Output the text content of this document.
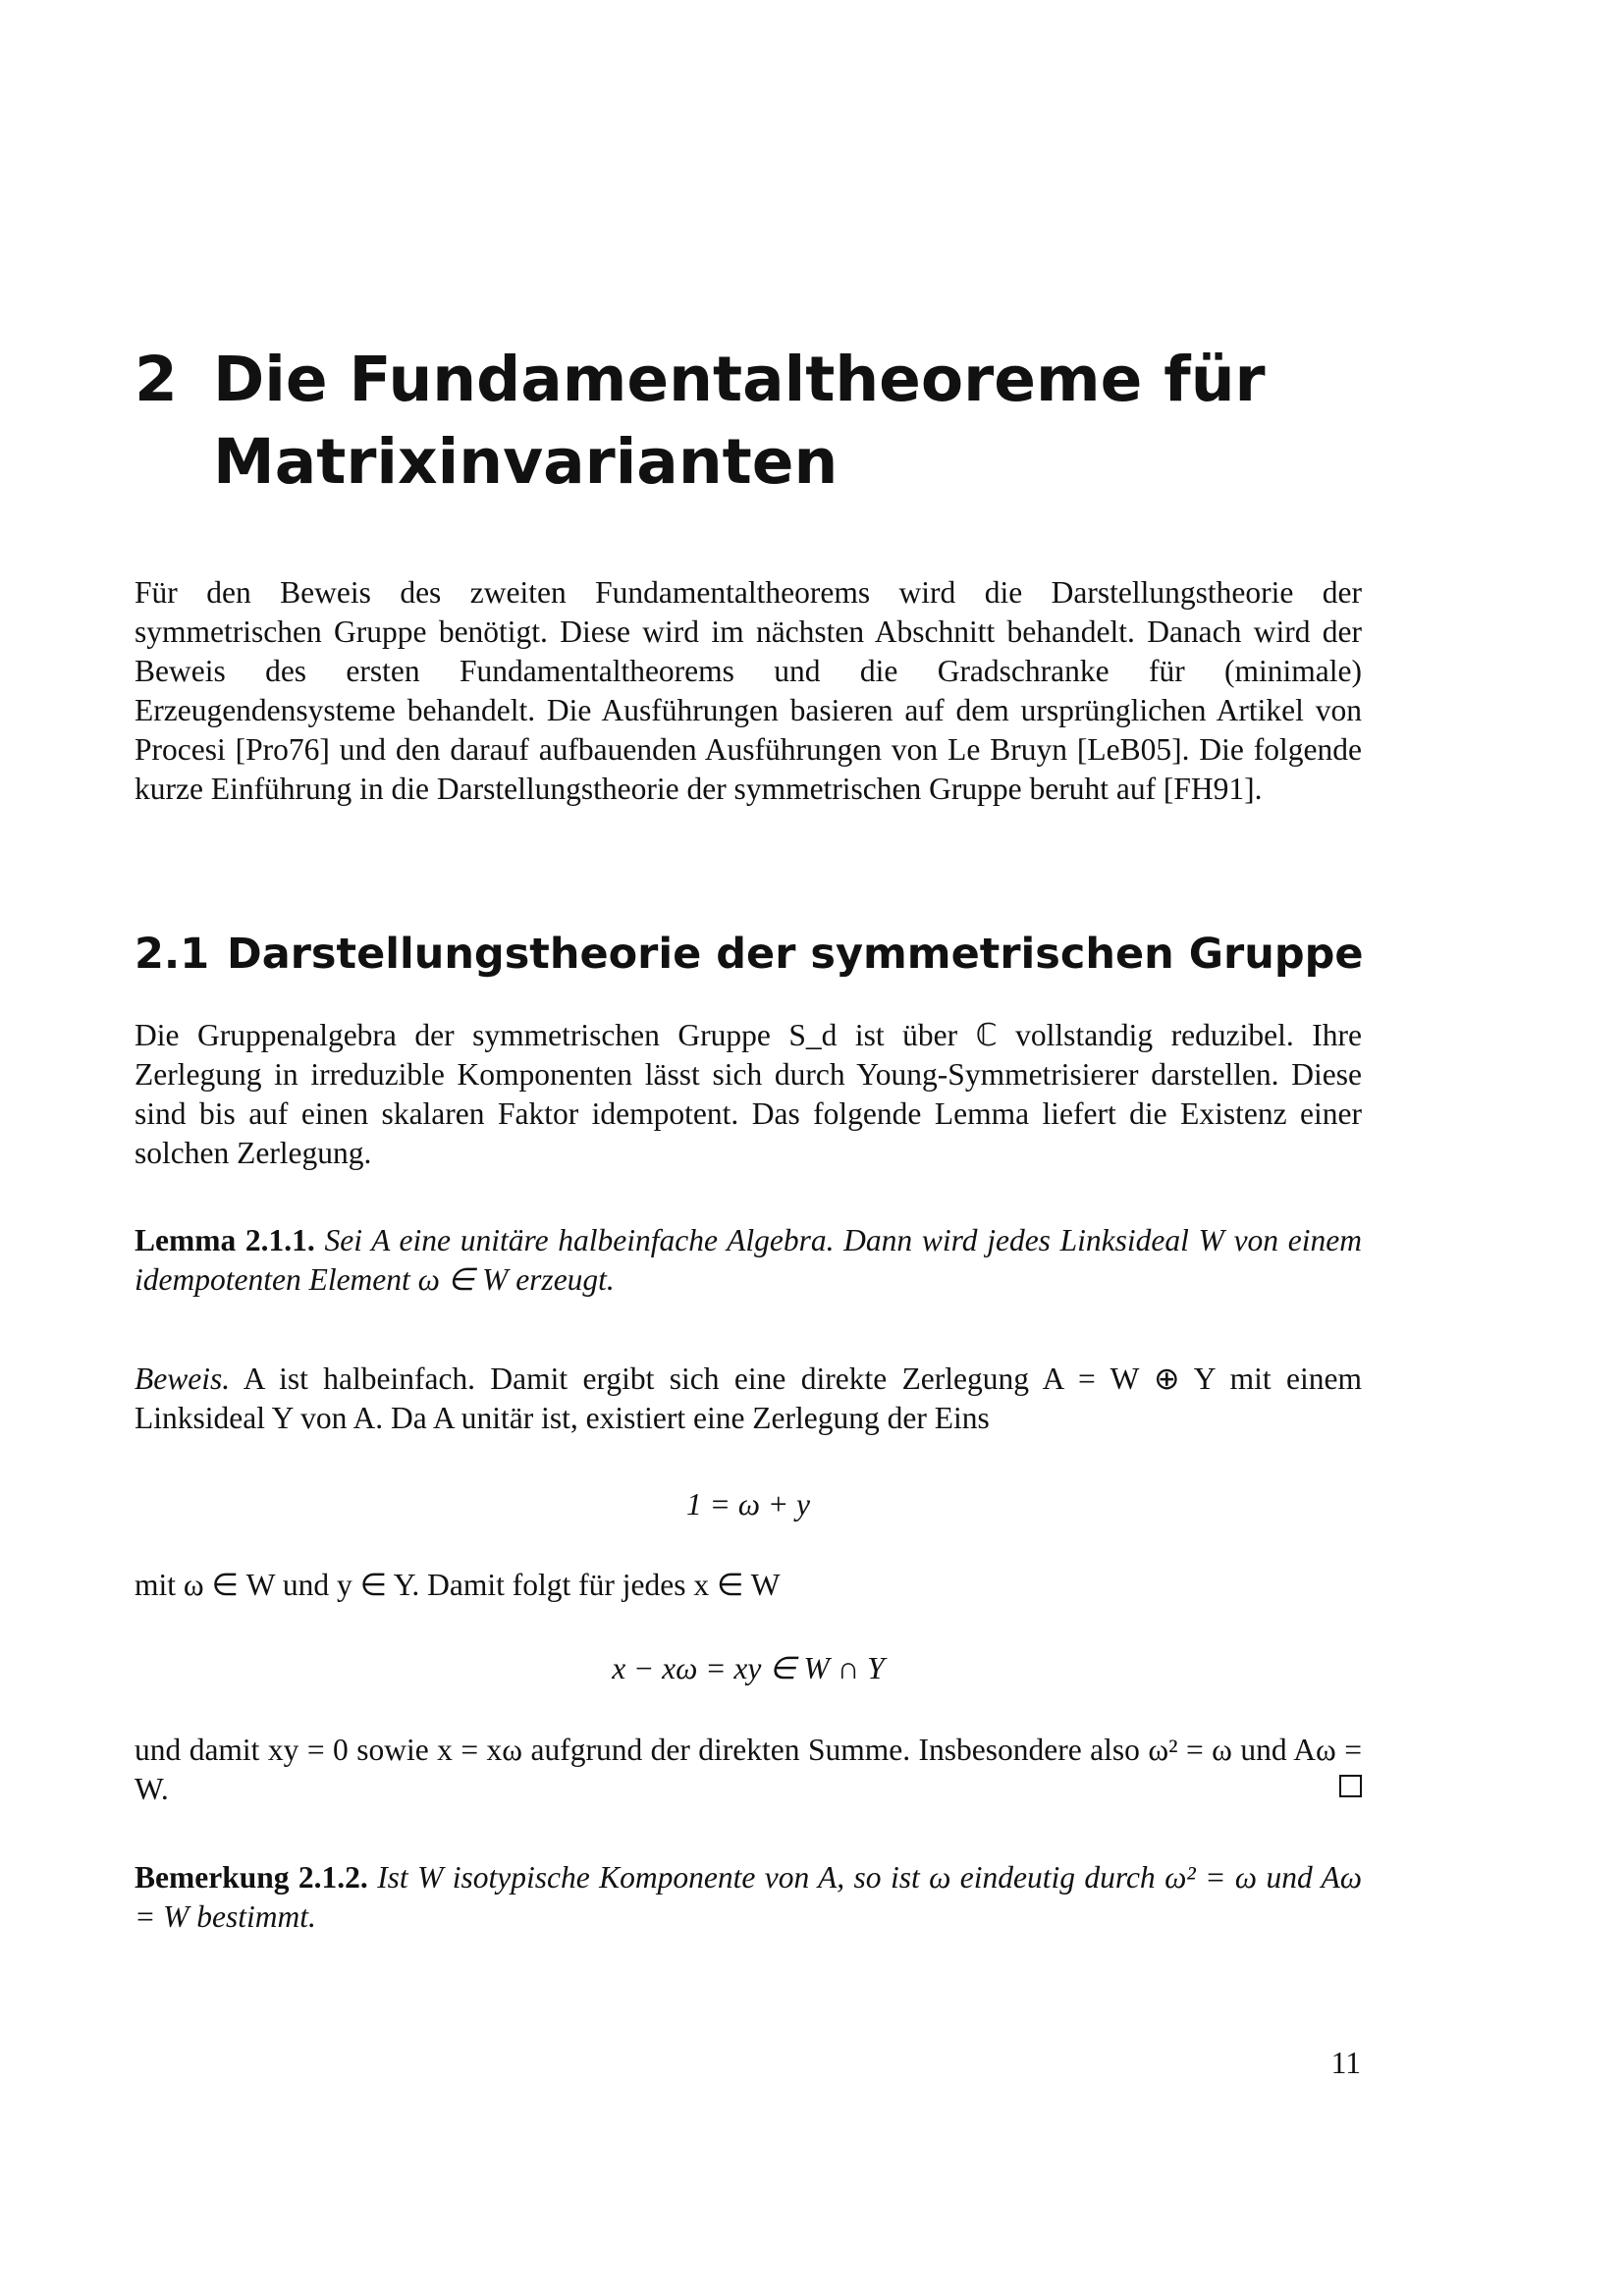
2 Die Fundamentaltheoreme für Matrixinvarianten

Für den Beweis des zweiten Fundamentaltheorems wird die Darstellungstheorie der symmetrischen Gruppe benötigt. Diese wird im nächsten Abschnitt behandelt. Danach wird der Beweis des ersten Fundamentaltheorems und die Gradschranke für (minimale) Erzeugendensysteme behandelt. Die Ausführungen basieren auf dem ursprünglichen Artikel von Procesi [Pro76] und den darauf aufbauenden Ausführungen von Le Bruyn [LeB05]. Die folgende kurze Einführung in die Darstellungstheorie der symmetrischen Gruppe beruht auf [FH91].

2.1 Darstellungstheorie der symmetrischen Gruppe

Die Gruppenalgebra der symmetrischen Gruppe S_d ist über ℂ vollstandig reduzibel. Ihre Zerlegung in irreduzible Komponenten lässt sich durch Young-Symmetrisierer darstellen. Diese sind bis auf einen skalaren Faktor idempotent. Das folgende Lemma liefert die Existenz einer solchen Zerlegung.

Lemma 2.1.1. Sei A eine unitäre halbeinfache Algebra. Dann wird jedes Linksideal W von einem idempotenten Element ω ∈ W erzeugt.

Beweis. A ist halbeinfach. Damit ergibt sich eine direkte Zerlegung A = W ⊕ Y mit einem Linksideal Y von A. Da A unitär ist, existiert eine Zerlegung der Eins

1 = ω + y

mit ω ∈ W und y ∈ Y. Damit folgt für jedes x ∈ W

x − xω = xy ∈ W ∩ Y

und damit xy = 0 sowie x = xω aufgrund der direkten Summe. Insbesondere also ω² = ω und Aω = W.

Bemerkung 2.1.2. Ist W isotypische Komponente von A, so ist ω eindeutig durch ω² = ω und Aω = W bestimmt.

11
